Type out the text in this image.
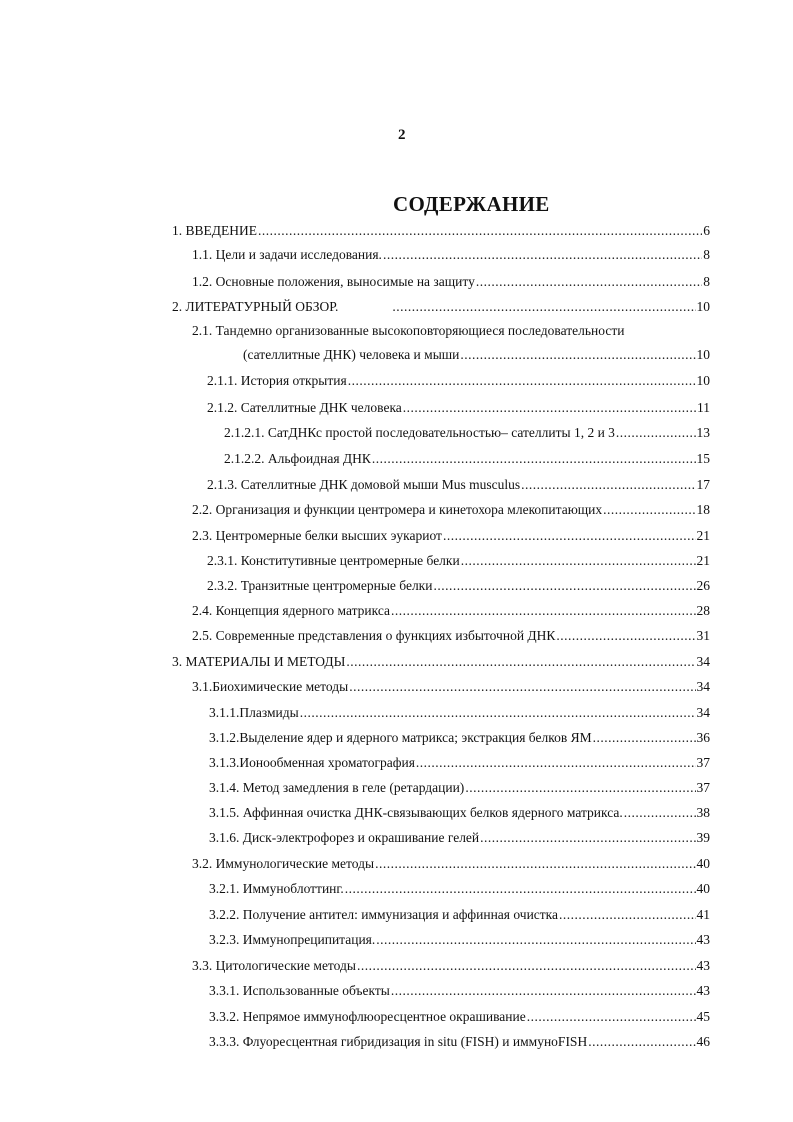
2
СОДЕРЖАНИЕ
1. ВВЕДЕНИЕ .....	6
1.1. Цели и задачи исследования. .....	8
1.2. Основные положения, выносимые на защиту .....	8
2. ЛИТЕРАТУРНЫЙ ОБЗОР. .....	10
2.1. Тандемно организованные высокоповторяющиеся последовательности
(сателлитные ДНК) человека и мыши .....	10
2.1.1. История открытия .....	10
2.1.2. Сателлитные ДНК человека .....	11
2.1.2.1. СатДНКс простой последовательностью– сателлиты 1, 2 и 3 .....	13
2.1.2.2. Альфоидная ДНК .....	15
2.1.3. Сателлитные ДНК домовой мыши Mus musculus .....	17
2.2. Организация и функции центромера и кинетохора млекопитающих .....	18
2.3. Центромерные белки высших эукариот .....	21
2.3.1. Конститутивные центромерные белки .....	21
2.3.2. Транзитные центромерные белки .....	26
2.4. Концепция ядерного матрикса .....	28
2.5. Современные представления о функциях избыточной ДНК .....	31
3. МАТЕРИАЛЫ И МЕТОДЫ .....	34
3.1.Биохимические методы .....	34
3.1.1.Плазмиды .....	34
3.1.2.Выделение ядер и ядерного матрикса; экстракция белков ЯМ .....	36
3.1.3.Ионообменная хроматография .....	37
3.1.4. Метод замедления в геле (ретардации) .....	37
3.1.5. Аффинная очистка ДНК-связывающих белков ядерного матрикса. .....	38
3.1.6. Диск-электрофорез и окрашивание гелей .....	39
3.2. Иммунологические методы .....	40
3.2.1. Иммуноблоттинг. .....	40
3.2.2. Получение антител: иммунизация и аффинная очистка .....	41
3.2.3. Иммунопреципитация. .....	43
3.3. Цитологические методы .....	43
3.3.1. Использованные объекты .....	43
3.3.2. Непрямое иммунофлюоресцентное окрашивание .....	45
3.3.3. Флуоресцентная гибридизация in situ (FISH) и иммуноFISH .....	46
